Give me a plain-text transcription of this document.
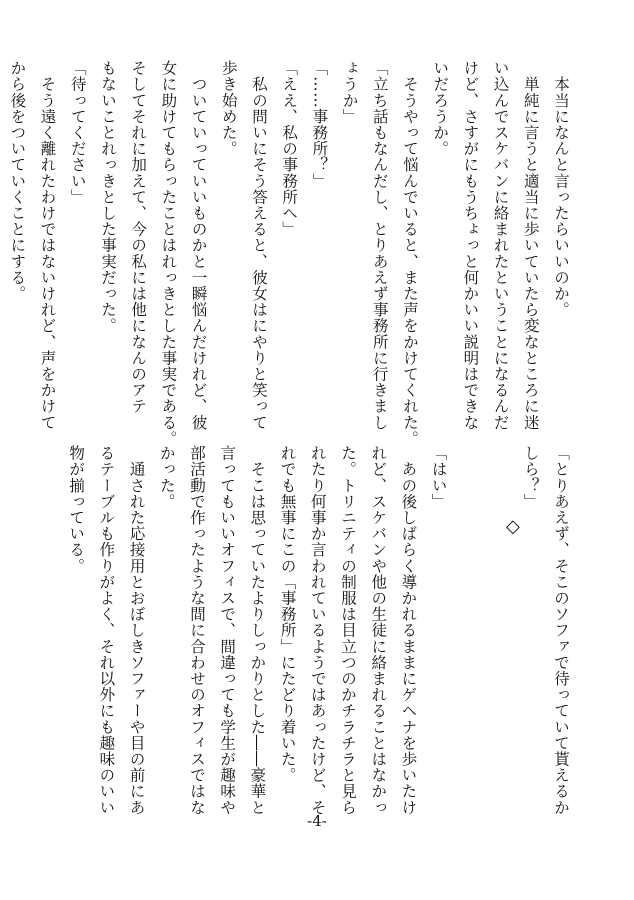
　本当になんと言ったらいいのか。
　単純に言うと適当に歩いていたら変なところに迷
い込んでスケバンに絡まれたということになるんだ
けど、さすがにもうちょっと何かいい説明はできな
いだろうか。
　そうやって悩んでいると、また声をかけてくれた。
「立ち話もなんだし、とりあえず事務所に行きまし
ょうか」
「……事務所？」
「ええ、私の事務所へ」
　私の問いにそう答えると、彼女はにやりと笑って
歩き始めた。
　ついていっていいものかと一瞬悩んだけれど、彼
女に助けてもらったことはれっきとした事実である。
そしてそれに加えて、今の私には他になんのアテ
もないことれっきとした事実だった。
「待ってください」
　そう遠く離れたわけではないけれど、声をかけて
から後をついていくことにする。
「とりあえず、そこのソファで待っていて貰えるか
しら？」
「はい」
　あの後しばらく導かれるままにゲヘナを歩いたけ
れど、スケバンや他の生徒に絡まれることはなかっ
た。トリニティの制服は目立つのかチラチラと見ら
れたり何事か言われているようではあったけど、そ
れでも無事にこの「事務所」にたどり着いた。
　そこは思っていたよりしっかりとした――豪華と
言ってもいいオフィスで、間違っても学生が趣味や
部活動で作ったような間に合わせのオフィスではな
かった。
　通された応接用とおぼしきソファーや目の前にあ
るテーブルも作りがよく、それ以外にも趣味のいい
物が揃っている。	◇
-4-
